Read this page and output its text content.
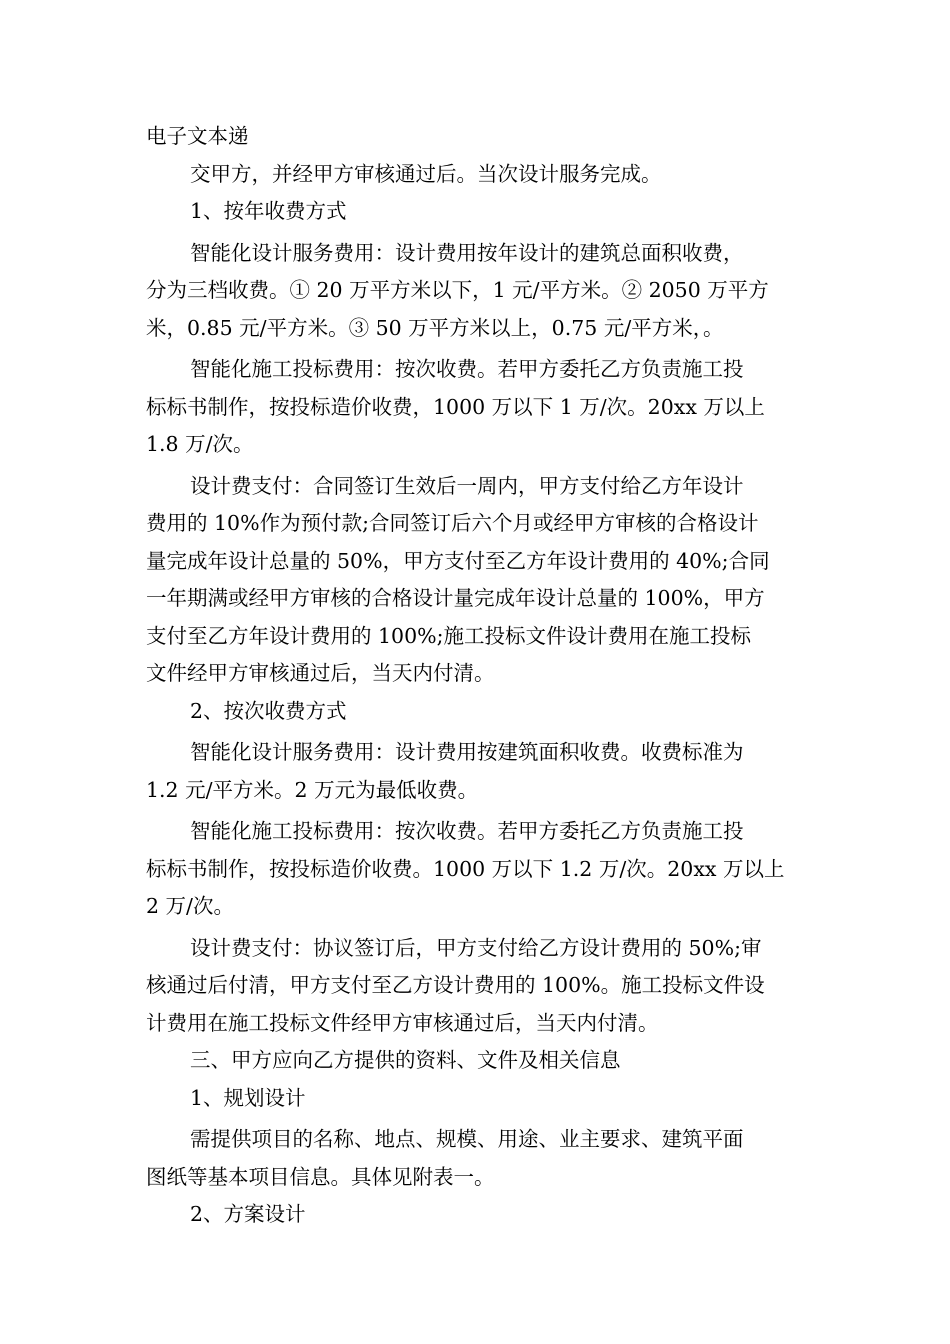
电子文本递
交甲方，并经甲方审核通过后。当次设计服务完成。
1、按年收费方式
智能化设计服务费用：设计费用按年设计的建筑总面积收费，
分为三档收费。① 20 万平方米以下，1 元/平方米。② 2050 万平方
米，0.85 元/平方米。③ 50 万平方米以上，0.75 元/平方米，。
智能化施工投标费用：按次收费。若甲方委托乙方负责施工投
标标书制作，按投标造价收费，1000 万以下 1 万/次。20xx 万以上
1.8 万/次。
设计费支付：合同签订生效后一周内，甲方支付给乙方年设计
费用的 10%作为预付款;合同签订后六个月或经甲方审核的合格设计
量完成年设计总量的 50%，甲方支付至乙方年设计费用的 40%;合同
一年期满或经甲方审核的合格设计量完成年设计总量的 100%，甲方
支付至乙方年设计费用的 100%;施工投标文件设计费用在施工投标
文件经甲方审核通过后，当天内付清。
2、按次收费方式
智能化设计服务费用：设计费用按建筑面积收费。收费标准为
1.2 元/平方米。2 万元为最低收费。
智能化施工投标费用：按次收费。若甲方委托乙方负责施工投
标标书制作，按投标造价收费。1000 万以下 1.2 万/次。20xx 万以上
2 万/次。
设计费支付：协议签订后，甲方支付给乙方设计费用的 50%;审
核通过后付清，甲方支付至乙方设计费用的 100%。施工投标文件设
计费用在施工投标文件经甲方审核通过后，当天内付清。
三、甲方应向乙方提供的资料、文件及相关信息
1、规划设计
需提供项目的名称、地点、规模、用途、业主要求、建筑平面
图纸等基本项目信息。具体见附表一。
2、方案设计
